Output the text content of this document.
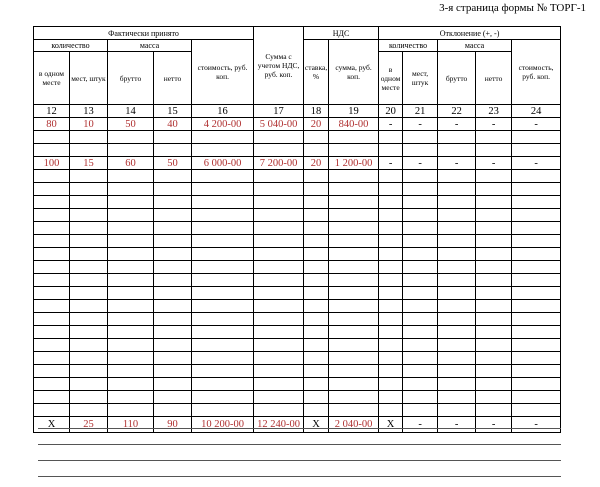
3-я страница формы № ТОРГ-1
Фактически принято					Сумма с учетом НДС, руб. коп.	НДС		Отклонение (+, -)				
количество		масса		стоимость, руб. коп.		ставка, %	сумма, руб. коп.	количество		масса		стоимость, руб. коп.
в одном месте	мест, штук	брутто	нетто					в одном месте	мест, штук	брутто	нетто	
12	13	14	15	16	17	18	19	20	21	22	23	24
80	10	50	40	4 200-00	5 040-00	20	840-00	-	-	-	-	-

100	15	60	50	6 000-00	7 200-00	20	1 200-00	-	-	-	-	-

X	25	110	90	10 200-00	12 240-00	X	2 040-00	X	-	-	-	-
